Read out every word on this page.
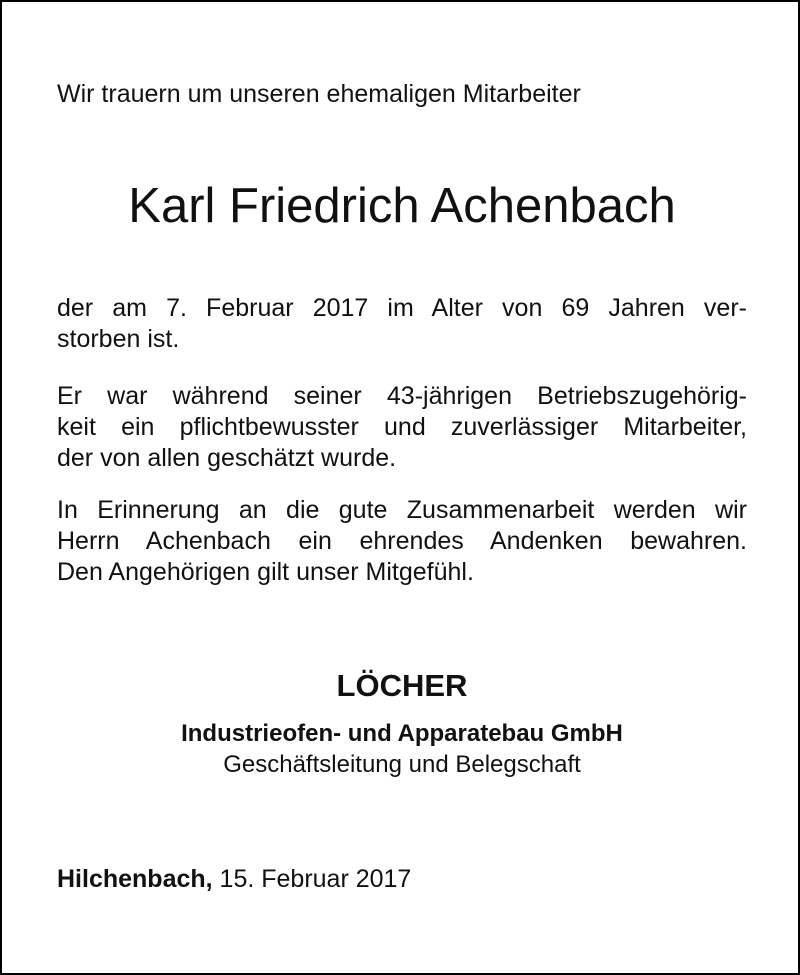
Wir trauern um unseren ehemaligen Mitarbeiter
Karl Friedrich Achenbach

der am 7. Februar 2017 im Alter von 69 Jahren ver-
storben ist.

Er war während seiner 43-jährigen Betriebszugehörig-
keit ein pflichtbewusster und zuverlässiger Mitarbeiter,
der von allen geschätzt wurde.

In Erinnerung an die gute Zusammenarbeit werden wir
Herrn Achenbach ein ehrendes Andenken bewahren.
Den Angehörigen gilt unser Mitgefühl.

LÖCHER
Industrieofen- und Apparatebau GmbH
Geschäftsleitung und Belegschaft
Hilchenbach, 15. Februar 2017
